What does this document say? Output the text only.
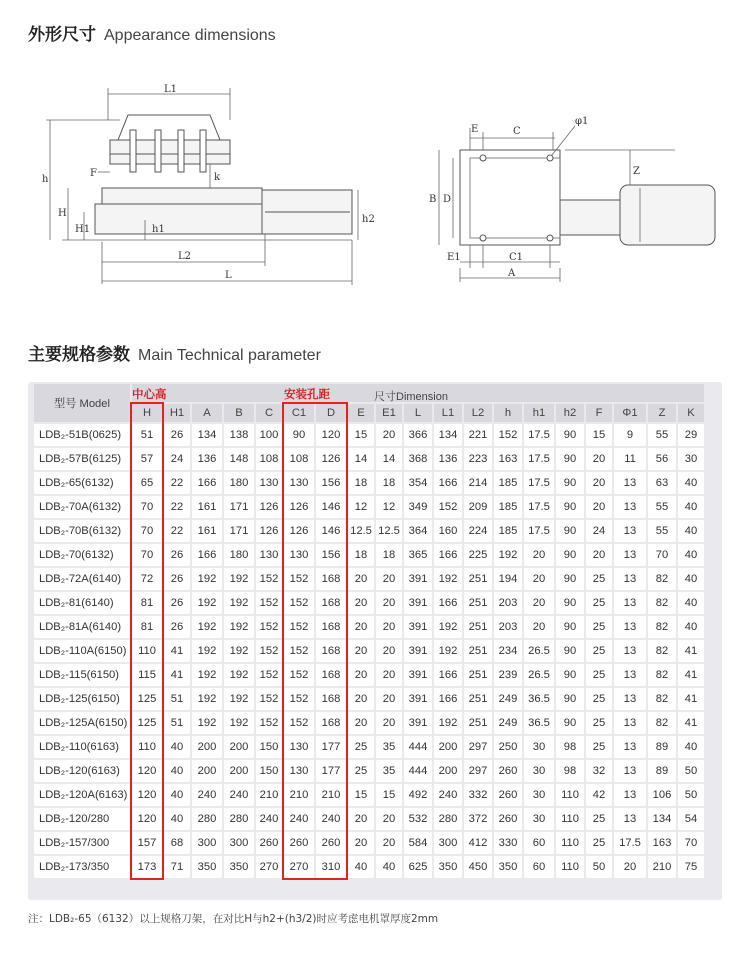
外形尺寸 Appearance dimensions
L1
h
F	k
H
H1	h1
h2
L2
L
E	C
φ1
Z
B D
E1	C1
A
主要规格参数 Main Technical parameter
型号 Model																			
	H	H1	A	B	C	C1	D	E	E1	L	L1	L2	h	h1	h2	F	Φ1	Z	K
LDB₂-51B(0625)	51	26	134	138	100	90	120	15	20	366	134	221	152	17.5	90	15	9	55	29
LDB₂-57B(6125)	57	24	136	148	108	108	126	14	14	368	136	223	163	17.5	90	20	11	56	30
LDB₂-65(6132)	65	22	166	180	130	130	156	18	18	354	166	214	185	17.5	90	20	13	63	40
LDB₂-70A(6132)	70	22	161	171	126	126	146	12	12	349	152	209	185	17.5	90	20	13	55	40
LDB₂-70B(6132)	70	22	161	171	126	126	146	12.5	12.5	364	160	224	185	17.5	90	24	13	55	40
LDB₂-70(6132)	70	26	166	180	130	130	156	18	18	365	166	225	192	20	90	20	13	70	40
LDB₂-72A(6140)	72	26	192	192	152	152	168	20	20	391	192	251	194	20	90	25	13	82	40
LDB₂-81(6140)	81	26	192	192	152	152	168	20	20	391	166	251	203	20	90	25	13	82	40
LDB₂-81A(6140)	81	26	192	192	152	152	168	20	20	391	192	251	203	20	90	25	13	82	40
LDB₂-110A(6150)	110	41	192	192	152	152	168	20	20	391	192	251	234	26.5	90	25	13	82	41
LDB₂-115(6150)	115	41	192	192	152	152	168	20	20	391	166	251	239	26.5	90	25	13	82	41
LDB₂-125(6150)	125	51	192	192	152	152	168	20	20	391	166	251	249	36.5	90	25	13	82	41
LDB₂-125A(6150)	125	51	192	192	152	152	168	20	20	391	192	251	249	36.5	90	25	13	82	41
LDB₂-110(6163)	110	40	200	200	150	130	177	25	35	444	200	297	250	30	98	25	13	89	40
LDB₂-120(6163)	120	40	200	200	150	130	177	25	35	444	200	297	260	30	98	32	13	89	50
LDB₂-120A(6163)	120	40	240	240	210	210	210	15	15	492	240	332	260	30	110	42	13	106	50
LDB₂-120/280	120	40	280	280	240	240	240	20	20	532	280	372	260	30	110	25	13	134	54
LDB₂-157/300	157	68	300	300	260	260	260	20	20	584	300	412	330	60	110	25	17.5	163	70
LDB₂-173/350	173	71	350	350	270	270	310	40	40	625	350	450	350	60	110	50	20	210	75
尺寸Dimension
中心高	安装孔距
注：LDB₂-65（6132）以上规格刀架，在对比H与h2+(h3/2)时应考虑电机罩厚度2mm
